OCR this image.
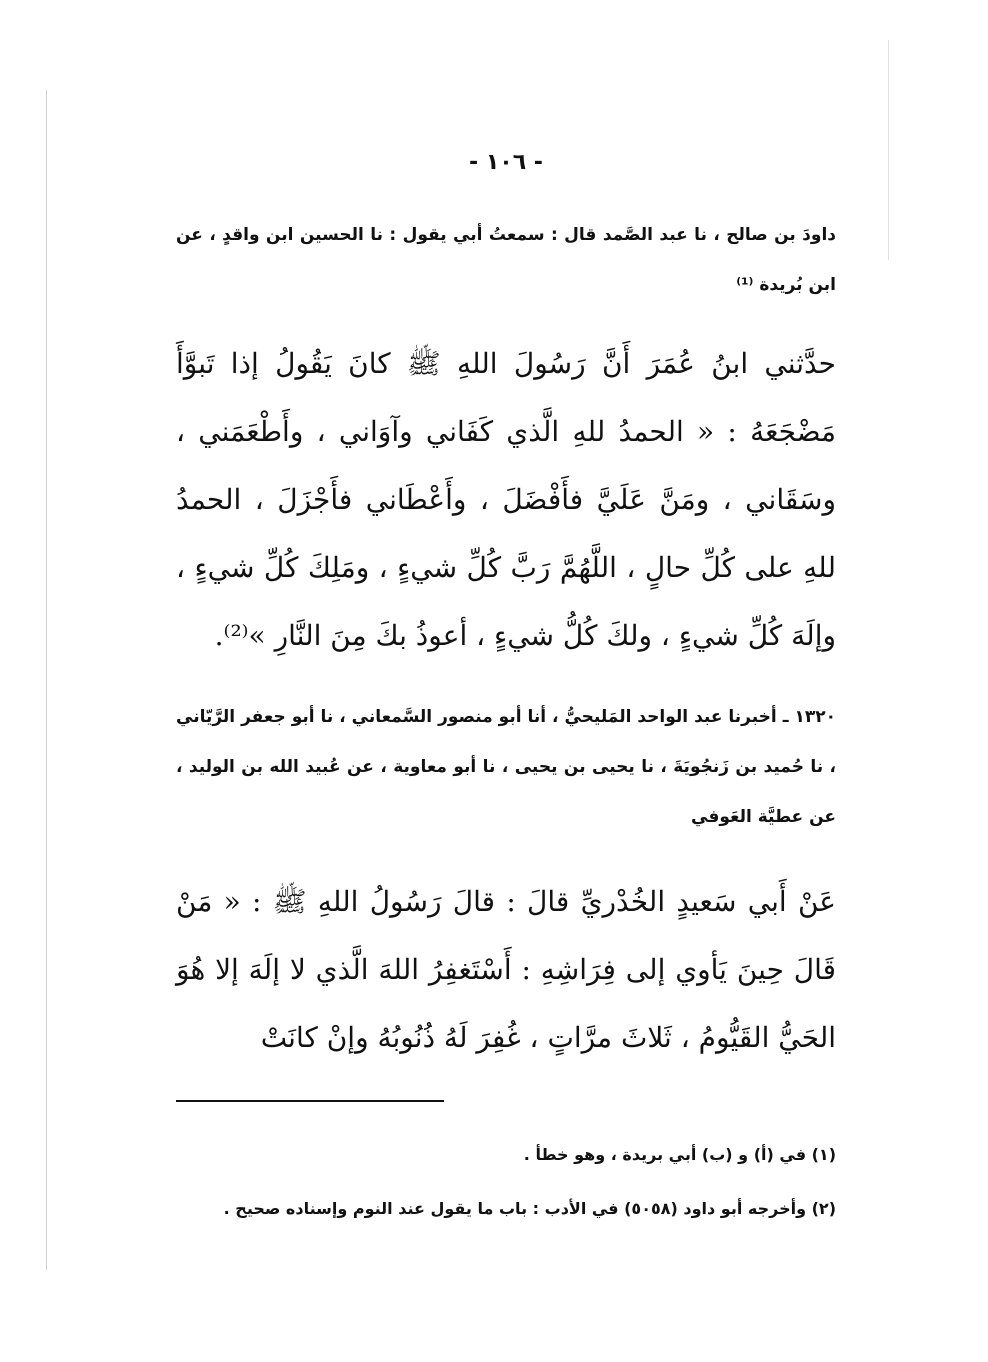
- ١٠٦ -

داودَ بن صالح ، نا عبد الصَّمد قال : سمعتُ أبي يقول : نا الحسين ابن واقدٍ ، عن ابن بُريدة ⁽¹⁾

حدَّثني ابنُ عُمَرَ أَنَّ رَسُولَ اللهِ ﷺ كانَ يَقُولُ إذا تَبوَّأَ مَضْجَعَهُ : « الحمدُ للهِ الَّذي كَفَاني وآوَاني ، وأَطْعَمَني ، وسَقَاني ، ومَنَّ عَلَيَّ فأَفْضَلَ ، وأَعْطَاني فأَجْزَلَ ، الحمدُ للهِ على كُلِّ حالٍ ، اللَّهُمَّ رَبَّ كُلِّ شيءٍ ، ومَلِكَ كُلِّ شيءٍ ، وإلَهَ كُلِّ شيءٍ ، ولكَ كُلُّ شيءٍ ، أعوذُ بكَ مِنَ النَّارِ »⁽²⁾.

١٣٢٠ ـ أخبرنا عبد الواحد المَليحيُّ ، أنا أبو منصور السَّمعاني ، نا أبو جعفر الرَّيّاني ، نا حُميد بن زَنجُويَةَ ، نا يحيى بن يحيى ، نا أبو معاوية ، عن عُبيد الله بن الوليد ، عن عطيَّة العَوفي

عَنْ أَبي سَعيدٍ الخُدْريِّ قالَ : قالَ رَسُولُ اللهِ ﷺ : « مَنْ قَالَ حِينَ يَأوي إلى فِرَاشِهِ : أَسْتَغفِرُ اللهَ الَّذي لا إلَهَ إلا هُوَ الحَيُّ القَيُّومُ ، ثَلاثَ مرَّاتٍ ، غُفِرَ لَهُ ذُنُوبُهُ وإنْ كانَتْ

(١) في (أ) و (ب) أبي بريدة ، وهو خطأ .

(٢) وأخرجه أبو داود (٥٠٥٨) في الأدب : باب ما يقول عند النوم وإسناده صحيح .
